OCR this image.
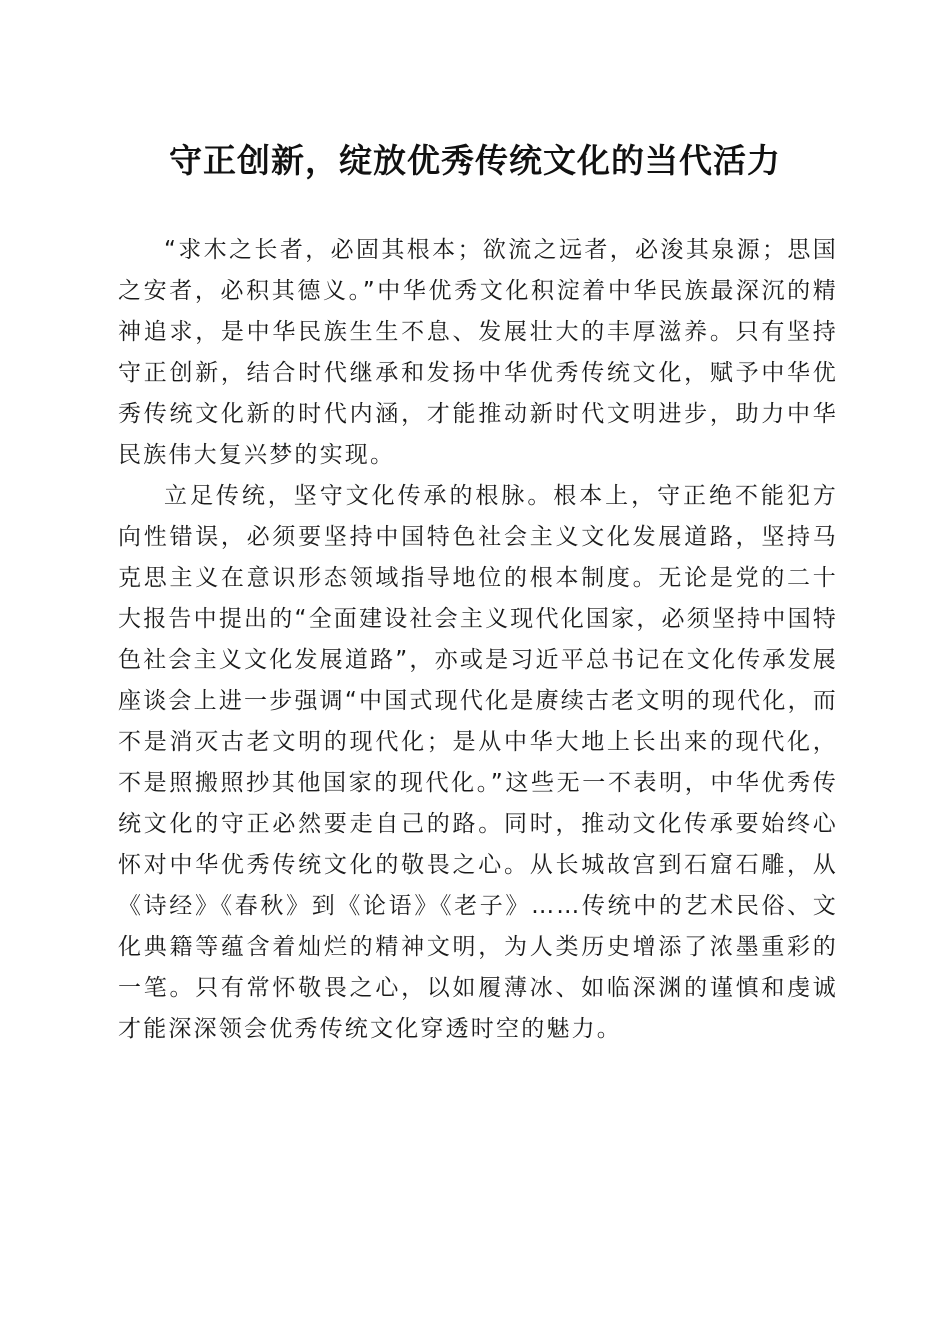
守正创新，绽放优秀传统文化的当代活力

“求木之长者，必固其根本；欲流之远者，必浚其泉源；思国之安者，必积其德义。”中华优秀文化积淀着中华民族最深沉的精神追求，是中华民族生生不息、发展壮大的丰厚滋养。只有坚持守正创新，结合时代继承和发扬中华优秀传统文化，赋予中华优秀传统文化新的时代内涵，才能推动新时代文明进步，助力中华民族伟大复兴梦的实现。

立足传统，坚守文化传承的根脉。根本上，守正绝不能犯方向性错误，必须要坚持中国特色社会主义文化发展道路，坚持马克思主义在意识形态领域指导地位的根本制度。无论是党的二十大报告中提出的“全面建设社会主义现代化国家，必须坚持中国特色社会主义文化发展道路”，亦或是习近平总书记在文化传承发展座谈会上进一步强调“中国式现代化是赓续古老文明的现代化，而不是消灭古老文明的现代化；是从中华大地上长出来的现代化，不是照搬照抄其他国家的现代化。”这些无一不表明，中华优秀传统文化的守正必然要走自己的路。同时，推动文化传承要始终心怀对中华优秀传统文化的敬畏之心。从长城故宫到石窟石雕，从《诗经》《春秋》到《论语》《老子》……传统中的艺术民俗、文化典籍等蕴含着灿烂的精神文明，为人类历史增添了浓墨重彩的一笔。只有常怀敬畏之心，以如履薄冰、如临深渊的谨慎和虔诚才能深深领会优秀传统文化穿透时空的魅力。
